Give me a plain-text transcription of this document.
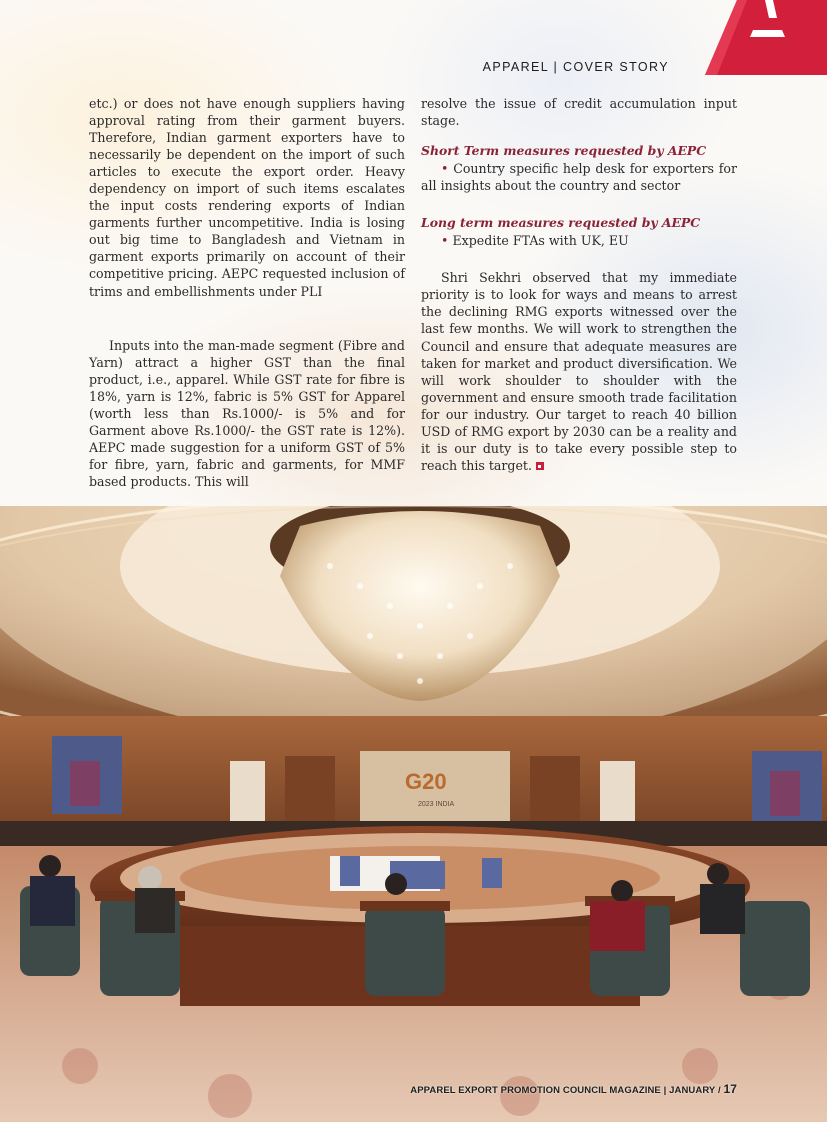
APPAREL | COVER STORY

etc.) or does not have enough suppliers having approval rating from their garment buyers. Therefore, Indian garment exporters have to necessarily be dependent on the import of such articles to execute the export order. Heavy dependency on import of such items escalates the input costs rendering exports of Indian garments further uncompetitive. India is losing out big time to Bangladesh and Vietnam in garment exports primarily on account of their competitive pricing. AEPC requested inclusion of trims and embellishments under PLI

Inputs into the man-made segment (Fibre and Yarn) attract a higher GST than the final product, i.e., apparel. While GST rate for fibre is 18%, yarn is 12%, fabric is 5% GST for Apparel (worth less than Rs.1000/- is 5% and for Garment above Rs.1000/- the GST rate is 12%). AEPC made suggestion for a uniform GST of 5% for fibre, yarn, fabric and garments, for MMF based products. This will

resolve the issue of credit accumulation input stage.

Short Term measures requested by AEPC

• Country specific help desk for exporters for all insights about the country and sector

Long term measures requested by AEPC

• Expedite FTAs with UK, EU

Shri Sekhri observed that my immediate priority is to look for ways and means to arrest the declining RMG exports witnessed over the last few months. We will work to strengthen the Council and ensure that adequate measures are taken for market and product diversification. We will work shoulder to shoulder with the government and ensure smooth trade facilitation for our industry. Our target to reach 40 billion USD of RMG export by 2030 can be a reality and it is our duty is to take every possible step to reach this target.

G20
2023 INDIA
APPAREL EXPORT PROMOTION COUNCIL MAGAZINE | JANUARY / 17
